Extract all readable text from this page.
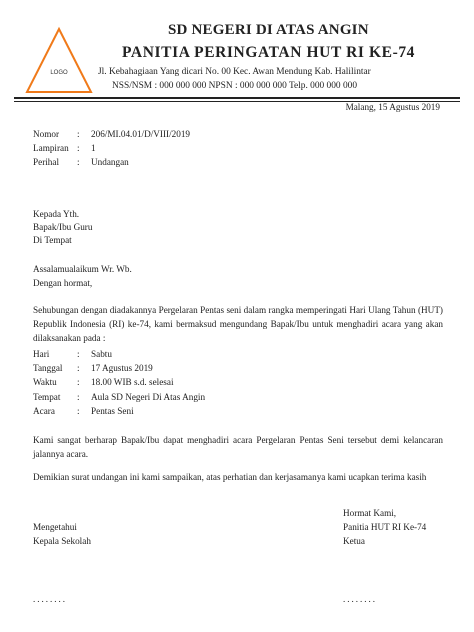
LOGO
SD NEGERI DI ATAS ANGIN
PANITIA PERINGATAN HUT RI KE-74
Jl. Kebahagiaan Yang dicari No. 00 Kec. Awan Mendung Kab. Halilintar
NSS/NSM : 000 000 000 NPSN : 000 000 000 Telp. 000 000 000
Malang, 15 Agustus 2019
Nomor : 206/MI.04.01/D/VIII/2019
Lampiran : 1
Perihal : Undangan
Kepada Yth.
Bapak/Ibu Guru
Di Tempat
Assalamualaikum Wr. Wb.
Dengan hormat,
Sehubungan dengan diadakannya Pergelaran Pentas seni dalam rangka memperingati Hari Ulang Tahun (HUT) Republik Indonesia (RI) ke-74, kami bermaksud mengundang Bapak/Ibu untuk menghadiri acara yang akan dilaksanakan pada :
Hari	: Sabtu
Tanggal : 17 Agustus 2019
Waktu : 18.00 WIB s.d. selesai
Tempat : Aula SD Negeri Di Atas Angin
Acara : Pentas Seni
Kami sangat berharap Bapak/Ibu dapat menghadiri acara Pergelaran Pentas Seni tersebut demi kelancaran jalannya acara.
Demikian surat undangan ini kami sampaikan, atas perhatian dan kerjasamanya kami ucapkan terima kasih
Mengetahui
Kepala Sekolah
........
Hormat Kami,
Panitia HUT RI Ke-74
Ketua
........
